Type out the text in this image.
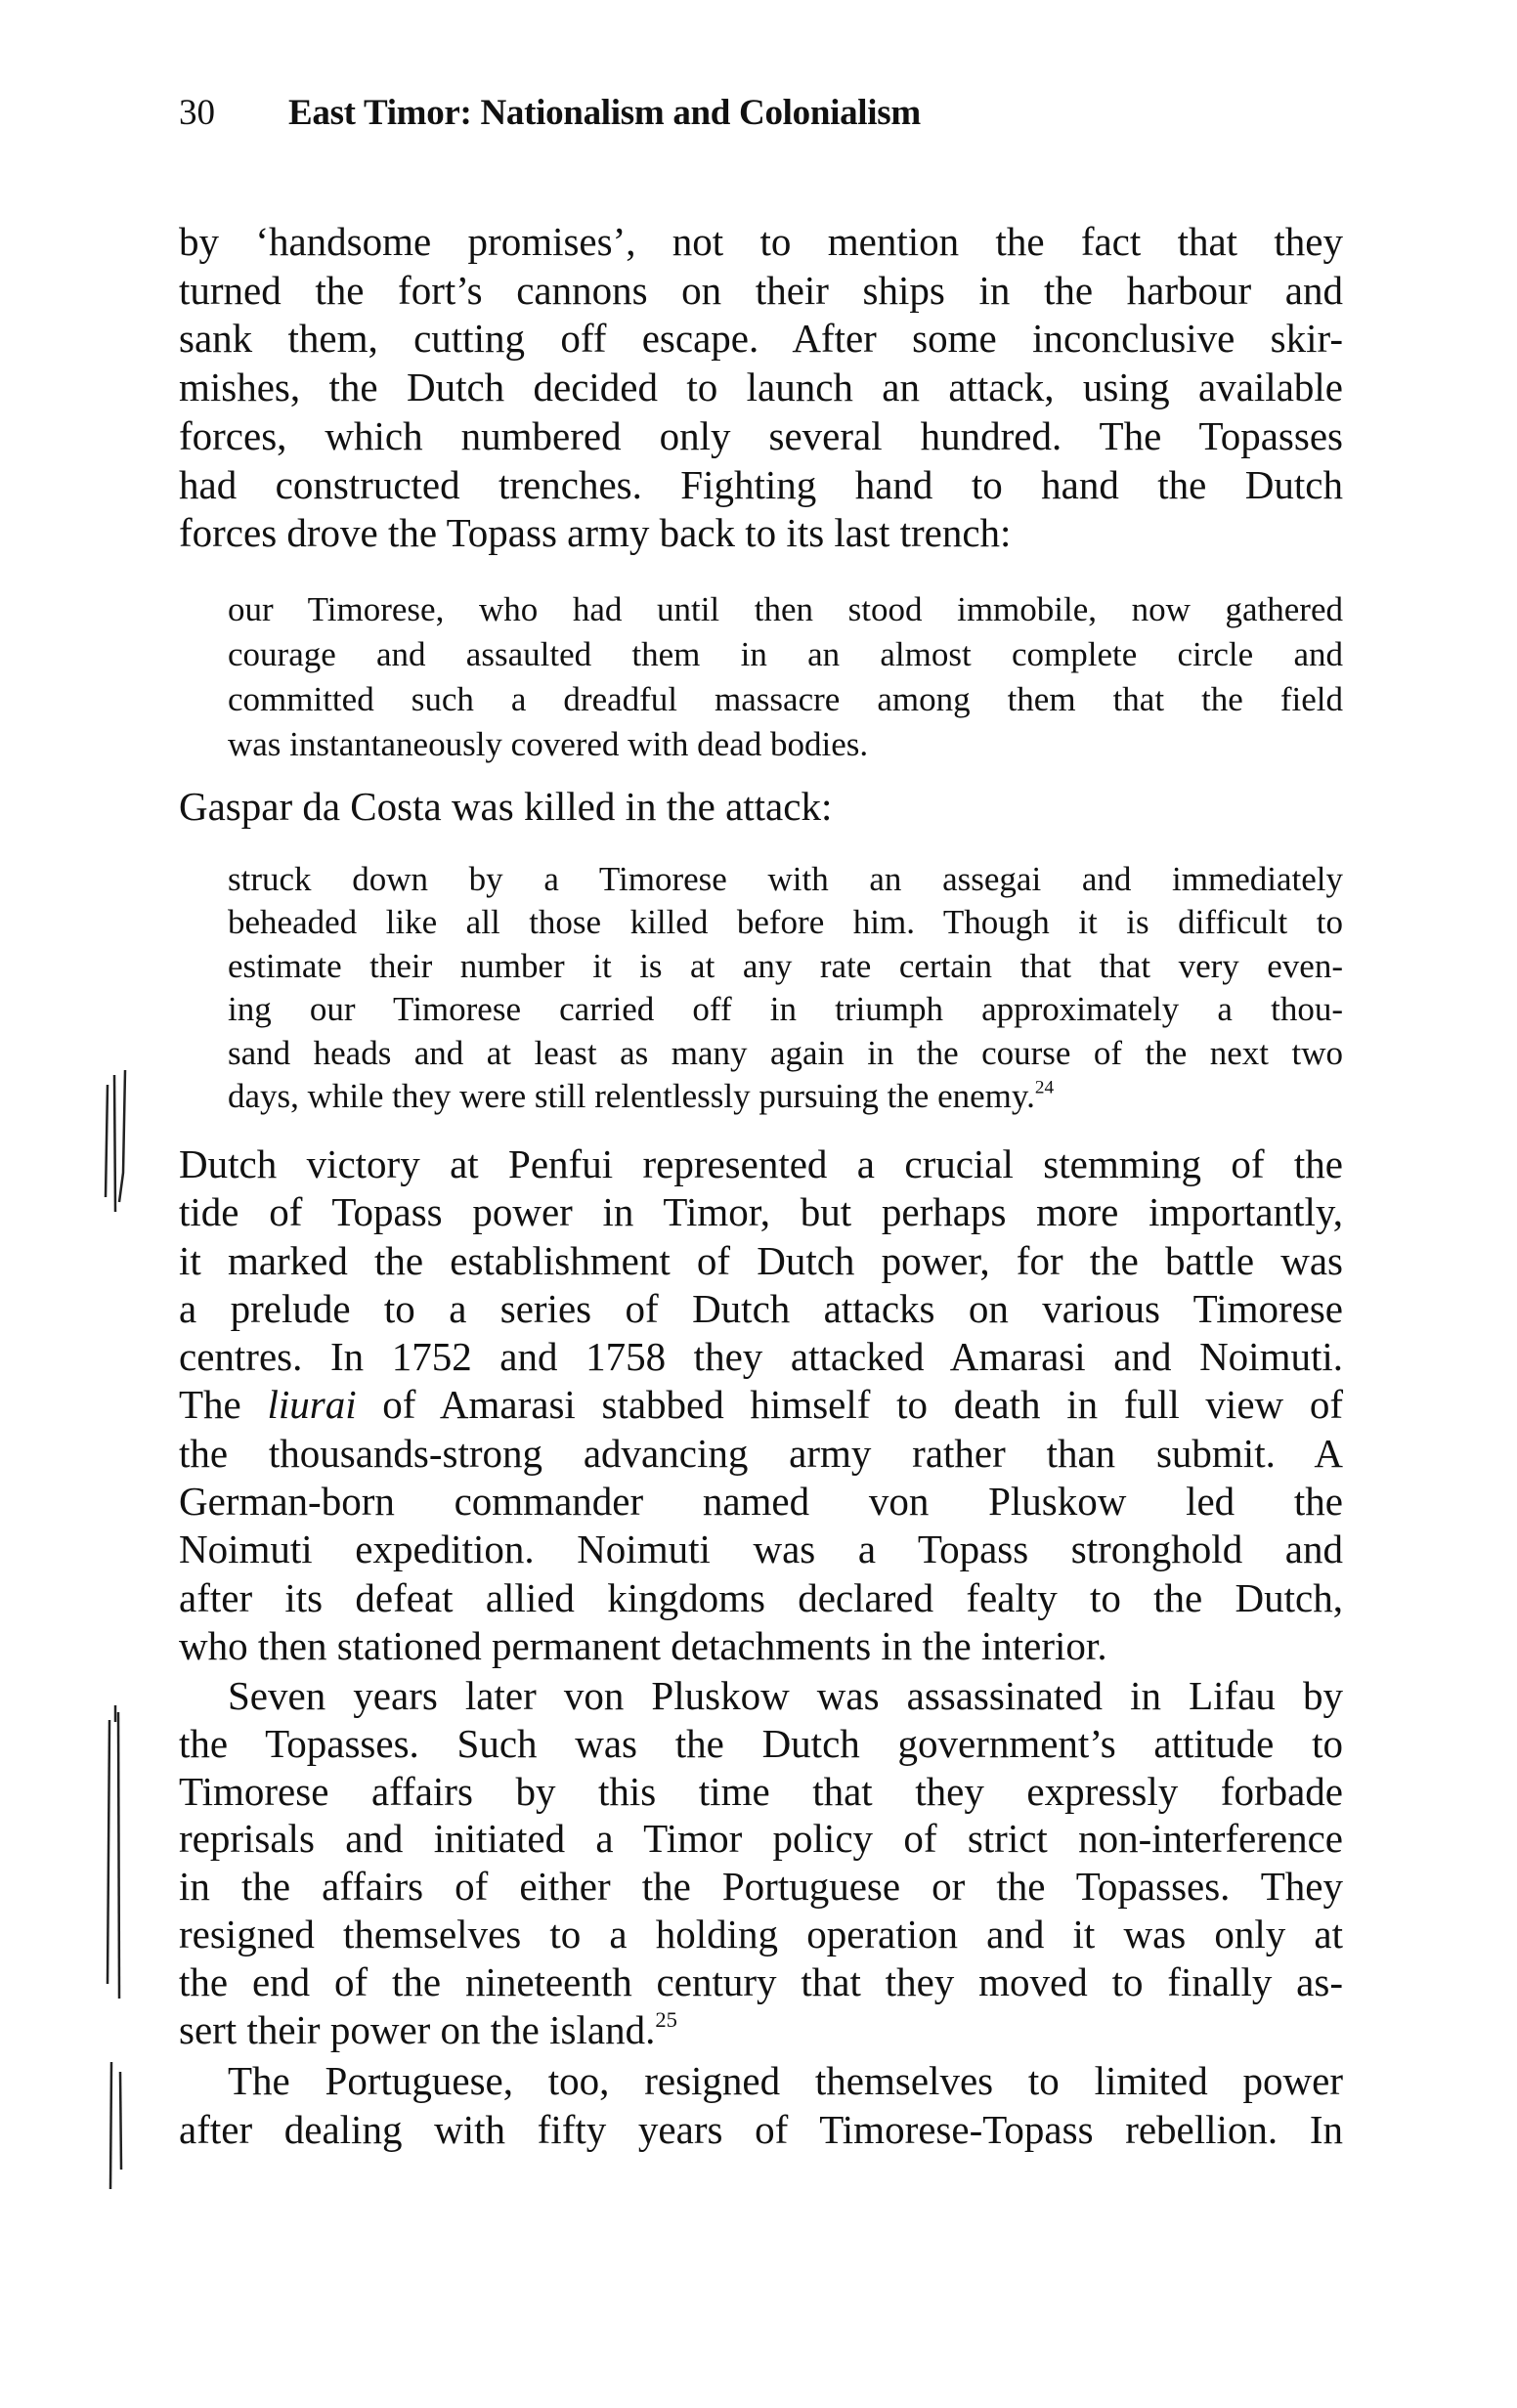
30 East Timor: Nationalism and Colonialism
by ‘handsome promises’, not to mention the fact that they
turned the fort’s cannons on their ships in the harbour and
sank them, cutting off escape. After some inconclusive skir-
mishes, the Dutch decided to launch an attack, using available
forces, which numbered only several hundred. The Topasses
had constructed trenches. Fighting hand to hand the Dutch
forces drove the Topass army back to its last trench:
our Timorese, who had until then stood immobile, now gathered
courage and assaulted them in an almost complete circle and
committed such a dreadful massacre among them that the field
was instantaneously covered with dead bodies.
Gaspar da Costa was killed in the attack:
struck down by a Timorese with an assegai and immediately
beheaded like all those killed before him. Though it is difficult to
estimate their number it is at any rate certain that that very even-
ing our Timorese carried off in triumph approximately a thou-
sand heads and at least as many again in the course of the next two
days, while they were still relentlessly pursuing the enemy.$^{24}$
Dutch victory at Penfui represented a crucial stemming of the
tide of Topass power in Timor, but perhaps more importantly,
it marked the establishment of Dutch power, for the battle was
a prelude to a series of Dutch attacks on various Timorese
centres. In 1752 and 1758 they attacked Amarasi and Noimuti.
The liurai of Amarasi stabbed himself to death in full view of
the thousands-strong advancing army rather than submit. A
German-born commander named von Pluskow led the
Noimuti expedition. Noimuti was a Topass stronghold and
after its defeat allied kingdoms declared fealty to the Dutch,
who then stationed permanent detachments in the interior.
Seven years later von Pluskow was assassinated in Lifau by
the Topasses. Such was the Dutch government’s attitude to
Timorese affairs by this time that they expressly forbade
reprisals and initiated a Timor policy of strict non-interference
in the affairs of either the Portuguese or the Topasses. They
resigned themselves to a holding operation and it was only at
the end of the nineteenth century that they moved to finally as-
sert their power on the island.$^{25}$
The Portuguese, too, resigned themselves to limited power
after dealing with fifty years of Timorese-Topass rebellion. In
